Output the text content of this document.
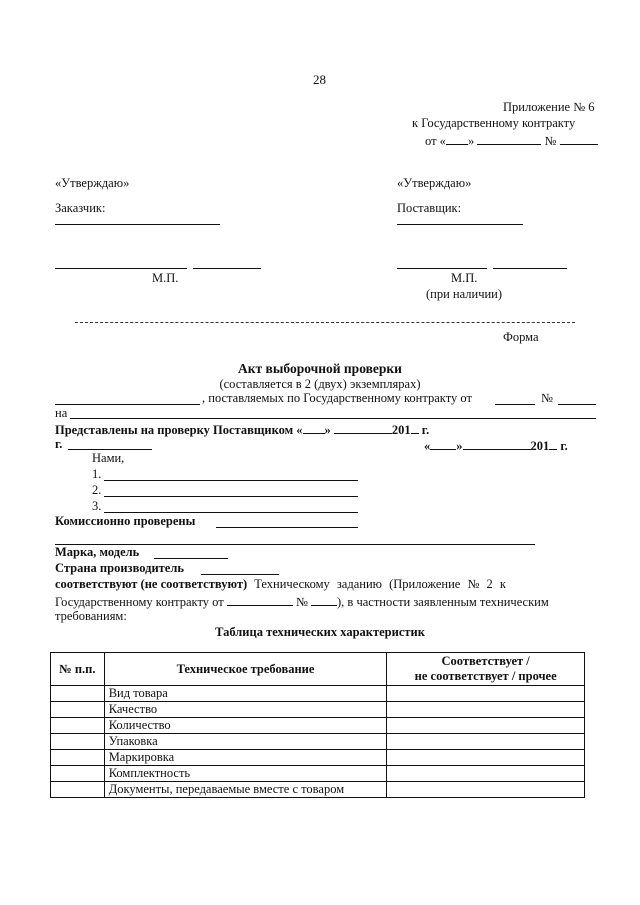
28
Приложение № 6
к Государственному контракту
от « »	№
«Утверждаю»
Заказчик:
«Утверждаю»
Поставщик:
М.П.	М.П.
(при наличии)
Форма
Акт выборочной проверки
(составляется в 2 (двух) экземплярах)
, поставляемых по Государственному контракту от	№
на
Представлены на проверку Поставщиком « »	201 г.
г.	« »	201 г.
Нами,
1.
2.
3.
Комиссионно проверены
Марка, модель
Страна производитель
соответствуют (не соответствуют) Техническому заданию (Приложение № 2 к
Государственному контракту от	№ ), в частности заявленным техническим
требованиям:
Таблица технических характеристик
№ п.п.	Техническое требование	Соответствует /
не соответствует / прочее

	Вид товара	
	Качество	
	Количество	
	Упаковка	
	Маркировка	
	Комплектность	
	Документы, передаваемые вместе с товаром	
